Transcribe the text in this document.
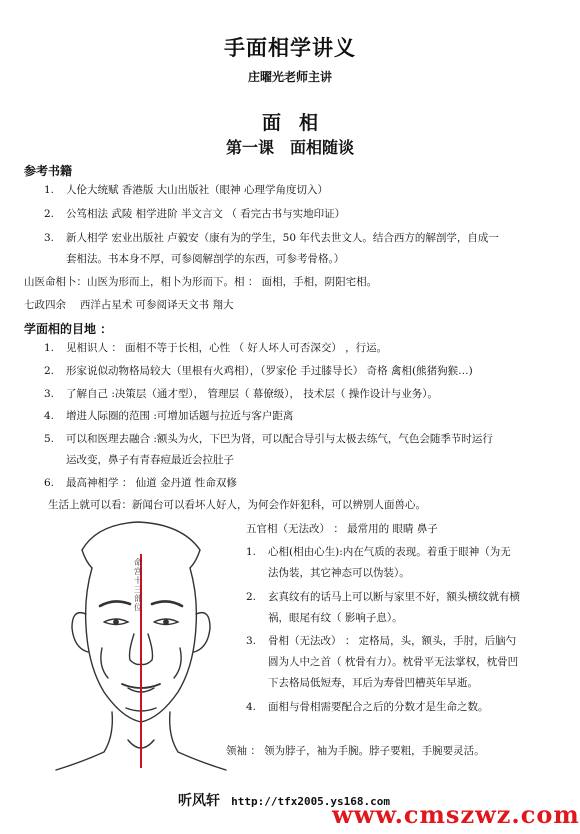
手面相学讲义
庄曜光老师主讲
面相
第一课　面相随谈
参考书籍
1. 人伦大统赋 香港版 大山出版社（眼神 心理学角度切入）
2. 公笃相法 武陵 相学进阶 半文言文 （ 看完古书与实地印证）
3. 新人相学 宏业出版社 卢毅安（康有为的学生，50 年代去世文人。结合西方的解剖学，自成一
套相法。书本身不厚，可参阅解剖学的东西，可参考骨格。）
山医命相卜：山医为形而上，相卜为形而下。相 ： 面相，手相，阴阳宅相。
七政四余　 西洋占星术 可参阅译天文书 翔大
学面相的目地 ：
1. 见相识人 ： 面相不等于长相，心性 （ 好人坏人可否深交） ，行运。
2. 形家说似动物格局较大（里根有火鸡相），（罗家伦 手过膝导长） 奇格 禽相(熊猪狗猴…)
3. 了解自己 :决策层（通才型）， 管理层（ 幕僚级）， 技术层（ 操作设计与业务）。
4. 增进人际圈的范围 :可增加话题与拉近与客户距离
5. 可以和医理去融合 :额头为火，下巴为肾，可以配合导引与太极去练气，气色会随季节时运行
运改变，鼻子有青春痘最近会拉肚子
6. 最高神相学 ： 仙道 金丹道 性命双修
生活上就可以看：新闻台可以看坏人好人，为何会作奸犯科，可以辨别人面兽心。
命宫十三部位
五官相（无法改） ： 最常用的 眼睛 鼻子
1. 心相(相由心生):内在气质的表现。着重于眼神（为无
法伪装，其它神态可以伪装）。
2. 玄真纹有的话马上可以断与家里不好，额头横纹就有横
祸，眼尾有纹（ 影响子息）。
3. 骨相（无法改） ： 定格局，头，额头，手肘，后脑勺
圆为人中之首（ 枕骨有力）。枕骨平无法掌权，枕骨凹
下去格局低短寿，耳后为寿骨凹槽英年早逝。
4. 面相与骨相需要配合之后的分数才是生命之数。
领袖 ： 领为脖子，袖为手腕。脖子要粗，手腕要灵活。
听风轩 http://tfx2005.ys168.com
www.cmszwz.com
